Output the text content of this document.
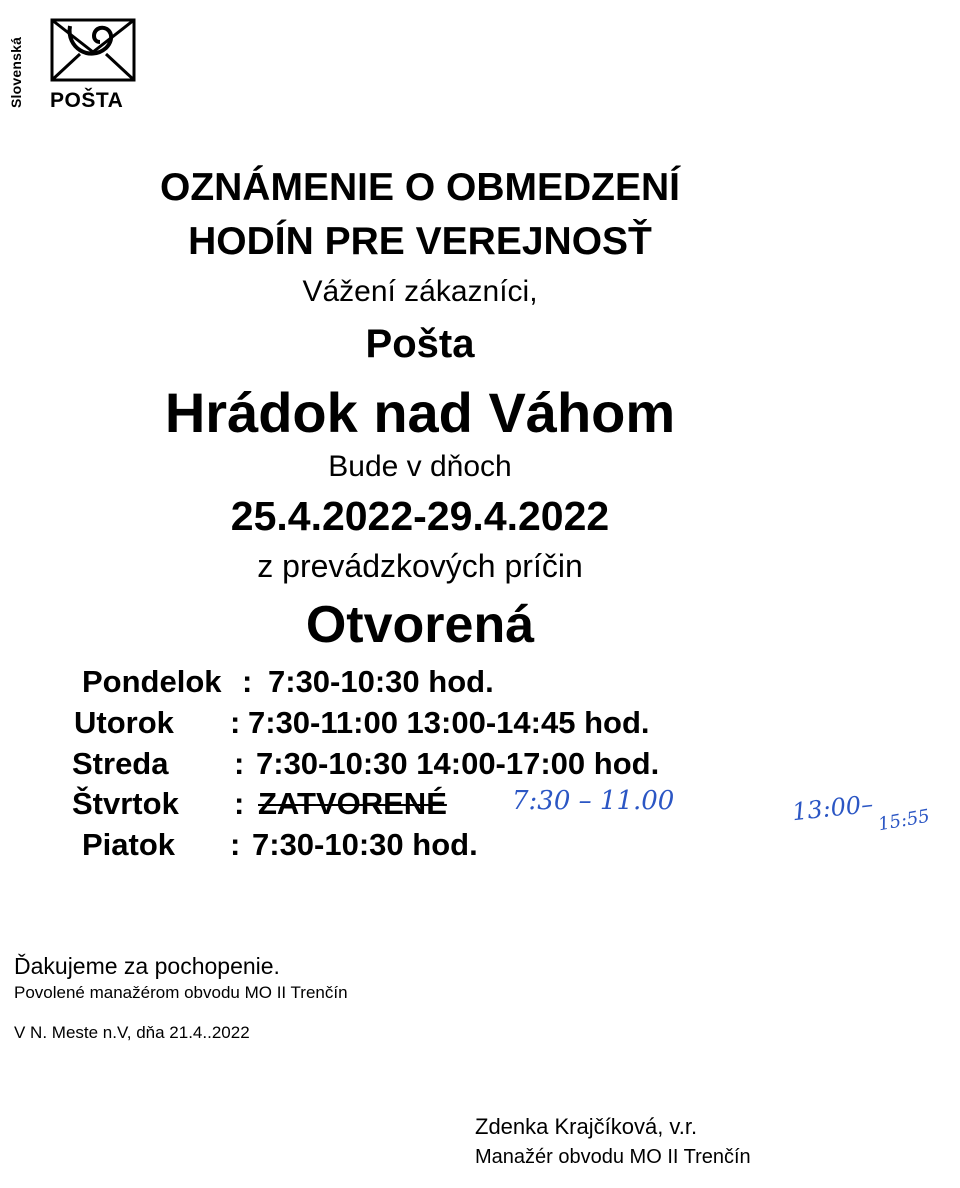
Slovenská POŠTA
OZNÁMENIE O OBMEDZENÍ
HODÍN PRE VEREJNOSŤ
Vážení zákazníci,
Pošta
Hrádok nad Váhom
Bude v dňoch
25.4.2022-29.4.2022
z prevádzkových príčin
Otvorená
Pondelok : 7:30-10:30 hod.
Utorok : 7:30-11:00 13:00-14:45 hod.
Streda : 7:30-10:30 14:00-17:00 hod.
Štvrtok : ZATVORENÉ	7:30 – 11.00	13:00– 15:55
Piatok : 7:30-10:30 hod.
Ďakujeme za pochopenie.
Povolené manažérom obvodu MO II Trenčín
V N. Meste n.V, dňa 21.4..2022
Zdenka Krajčíková, v.r.
Manažér obvodu MO II Trenčín
